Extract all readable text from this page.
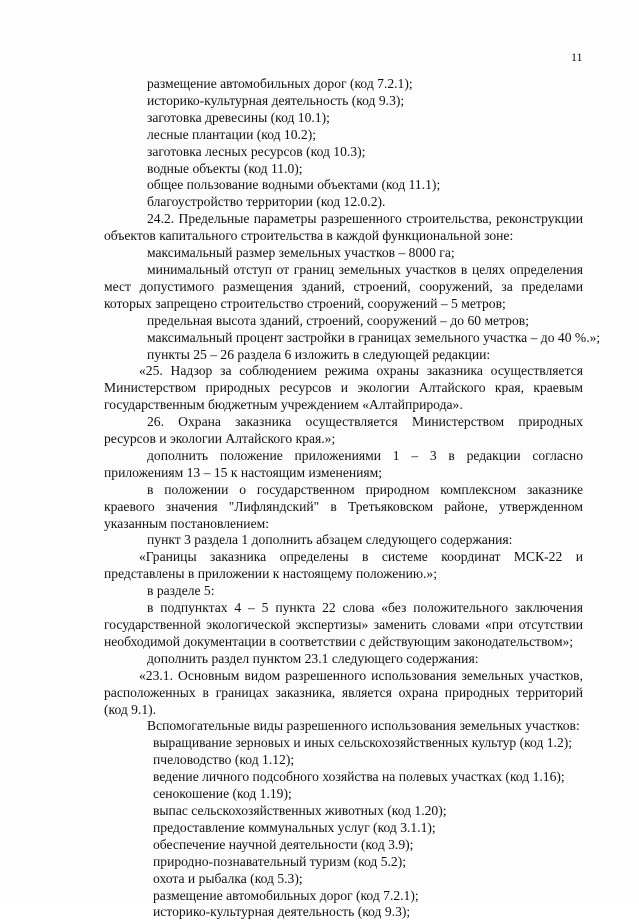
11

размещение автомобильных дорог (код 7.2.1);

историко-культурная деятельность (код 9.3);

заготовка древесины (код 10.1);

лесные плантации (код 10.2);

заготовка лесных ресурсов (код 10.3);

водные объекты (код 11.0);

общее пользование водными объектами (код 11.1);

благоустройство территории (код 12.0.2).

24.2. Предельные параметры разрешенного строительства, реконструкции объектов капитального строительства в каждой функциональной зоне:

максимальный размер земельных участков – 8000 га;

минимальный отступ от границ земельных участков в целях определения мест допустимого размещения зданий, строений, сооружений, за пределами которых запрещено строительство строений, сооружений – 5 метров;

предельная высота зданий, строений, сооружений – до 60 метров;

максимальный процент застройки в границах земельного участка – до 40 %.»;

пункты 25 – 26 раздела 6 изложить в следующей редакции:

«25. Надзор за соблюдением режима охраны заказника осуществляется Министерством природных ресурсов и экологии Алтайского края, краевым государственным бюджетным учреждением «Алтайприрода».

26. Охрана заказника осуществляется Министерством природных ресурсов и экологии Алтайского края.»;

дополнить положение приложениями 1 – 3 в редакции согласно приложениям 13 – 15 к настоящим изменениям;

в положении о государственном природном комплексном заказнике краевого значения "Лифляндский" в Третьяковском районе, утвержденном указанным постановлением:

пункт 3 раздела 1 дополнить абзацем следующего содержания:

«Границы заказника определены в системе координат МСК-22 и представлены в приложении к настоящему положению.»;

в разделе 5:

в подпунктах 4 – 5 пункта 22 слова «без положительного заключения государственной экологической экспертизы» заменить словами «при отсутствии необходимой документации в соответствии с действующим законодательством»;

дополнить раздел пунктом 23.1 следующего содержания:

«23.1. Основным видом разрешенного использования земельных участков, расположенных в границах заказника, является охрана природных территорий (код 9.1).

Вспомогательные виды разрешенного использования земельных участков:

выращивание зерновых и иных сельскохозяйственных культур (код 1.2);

пчеловодство (код 1.12);

ведение личного подсобного хозяйства на полевых участках (код 1.16);

сенокошение (код 1.19);

выпас сельскохозяйственных животных (код 1.20);

предоставление коммунальных услуг (код 3.1.1);

обеспечение научной деятельности (код 3.9);

природно-познавательный туризм (код 5.2);

охота и рыбалка (код 5.3);

размещение автомобильных дорог (код 7.2.1);

историко-культурная деятельность (код 9.3);
